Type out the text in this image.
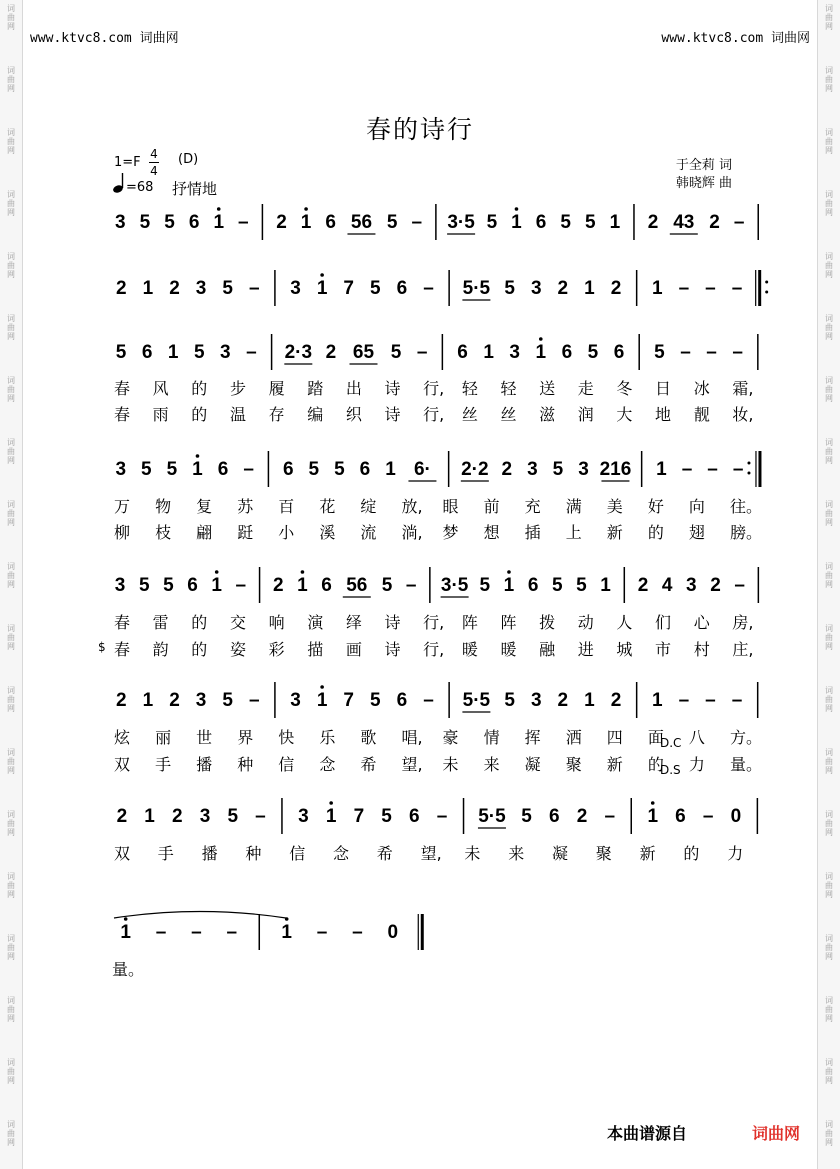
词
曲
网
词
曲
网
词
曲
网
词
曲
网
词
曲
网
词
曲
网
词
曲
网
词
曲
网
词
曲
网
词
曲
网
词
曲
网
词
曲
网
词
曲
网
词
曲
网
词
曲
网
词
曲
网
词
曲
网
词
曲
网
词
曲
网
词
曲
网
词
曲
网
词
曲
网
词
曲
网
词
曲
网
词
曲
网
词
曲
网
词
曲
网
词
曲
网
词
曲
网
词
曲
网
词
曲
网
词
曲
网
词
曲
网
词
曲
网
词
曲
网
词
曲
网
词
曲
网
词
曲
网
www.ktvc8.com 词曲网	www.ktvc8.com 词曲网
春的诗行
1=F
4
4
(D)
=68 抒情地
于全莉 词
韩晓辉 曲
3 5 5 6 1 – 2 1 6 56 5 – 3·5 5 1 6 5 5 1 2 43 2 –
2 1 2 3 5 – 3 1 7 5 6 – 5·5 5 3 2 1 2 1 – – –
5 6 1 5 3 – 2·3 2 65 5 – 6 1 3 1 6 5 6 5 – – –
春 风 的 步 履 踏 出 诗 行, 轻 轻 送 走 冬 日 冰 霜,
春 雨 的 温 存 编 织 诗 行, 丝 丝 滋 润 大 地 靓 妆,
3 5 5 1 6 – 6 5 5 6 1 6· 2·2 2 3 5 3 216 1 – – –
万 物 复 苏 百 花 绽 放, 眼 前 充 满 美 好 向 往。
柳 枝 翩 跹 小 溪 流 淌, 梦 想 插 上 新 的 翅 膀。
3 5 5 6 1 – 2 1 6 56 5 – 3·5 5 1 6 5 5 1 2 4 3 2 –
春 雷 的 交 响 演 绎 诗 行, 阵 阵 拨 动 人 们 心 房,
春 韵 的 姿 彩 描 画 诗 行, 暖 暖 融 进 城 市 村 庄,
2 1 2 3 5 – 3 1 7 5 6 – 5·5 5 3 2 1 2 1 – – –
炫 丽 世 界 快 乐 歌 唱, 豪 情 挥 洒 四 面 八 方。
双 手 播 种 信 念 希 望, 未 来 凝 聚 新 的 力 量。
2 1 2 3 5 – 3 1 7 5 6 – 5·5 5 6 2 – 1 6 – 0
双 手 播 种 信 念 希 望, 未 来 凝 聚 新 的 力
1 – – – 1 – – 0
量。
$
D.C
D.S
本曲谱源自	词曲网
